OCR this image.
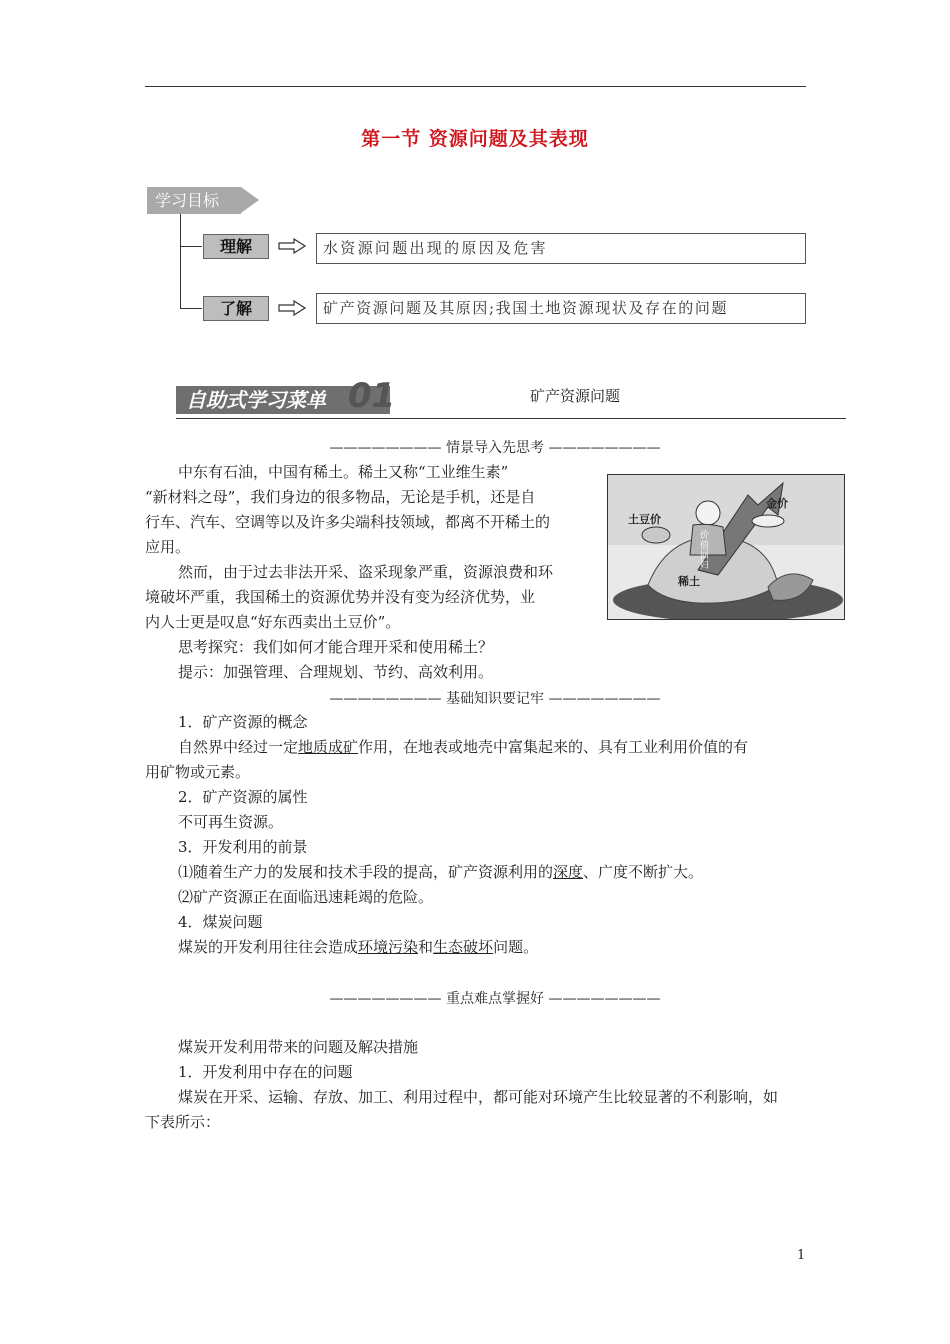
第一节 资源问题及其表现
学习目标
理解	水资源问题出现的原因及危害
了解	矿产资源问题及其原因;我国土地资源现状及存在的问题
自助式学习菜单 01	矿产资源问题
———————— 情景导入先思考 ————————
中东有石油，中国有稀土。稀土又称“工业维生素”
“新材料之母”，我们身边的很多物品，无论是手机，还是自
行车、汽车、空调等以及许多尖端科技领域，都离不开稀土的
应用。
然而，由于过去非法开采、盗采现象严重，资源浪费和环
境破坏严重，我国稀土的资源优势并没有变为经济优势，业
内人士更是叹息“好东西卖出土豆价”。
思考探究：我们如何才能合理开采和使用稀土？
提示：加强管理、合理规划、节约、高效利用。
土豆价
金价
稀土
价值回归
———————— 基础知识要记牢 ————————
1．矿产资源的概念
自然界中经过一定地质成矿作用，在地表或地壳中富集起来的、具有工业利用价值的有
用矿物或元素。
2．矿产资源的属性
不可再生资源。
3．开发利用的前景
⑴随着生产力的发展和技术手段的提高，矿产资源利用的深度、广度不断扩大。
⑵矿产资源正在面临迅速耗竭的危险。
4．煤炭问题
煤炭的开发利用往往会造成环境污染和生态破坏问题。
———————— 重点难点掌握好 ————————
煤炭开发利用带来的问题及解决措施
1．开发利用中存在的问题
煤炭在开采、运输、存放、加工、利用过程中，都可能对环境产生比较显著的不利影响，如
下表所示：
1
